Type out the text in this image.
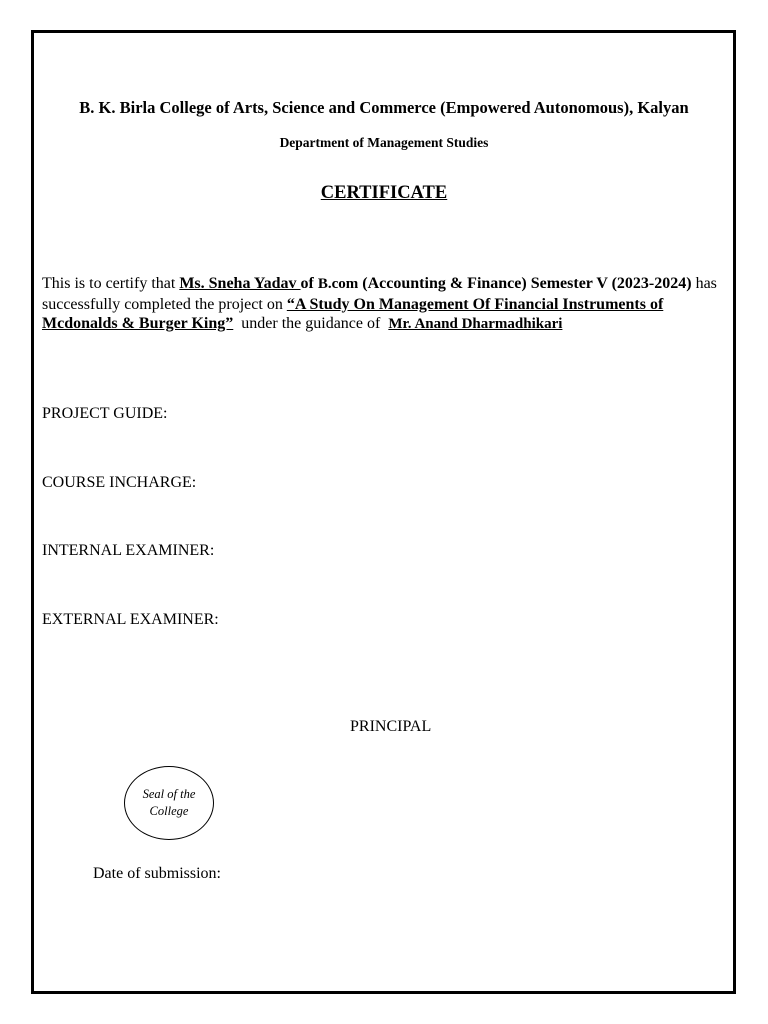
B. K. Birla College of Arts, Science and Commerce (Empowered Autonomous), Kalyan
Department of Management Studies
CERTIFICATE
This is to certify that Ms. Sneha Yadav of B.com (Accounting & Finance) Semester V (2023-2024) has successfully completed the project on “A Study On Management Of Financial Instruments of Mcdonalds & Burger King”  under the guidance of  Mr. Anand Dharmadhikari
PROJECT GUIDE:
COURSE INCHARGE:
INTERNAL EXAMINER:
EXTERNAL EXAMINER:
PRINCIPAL
Seal of the
College
Date of submission:
